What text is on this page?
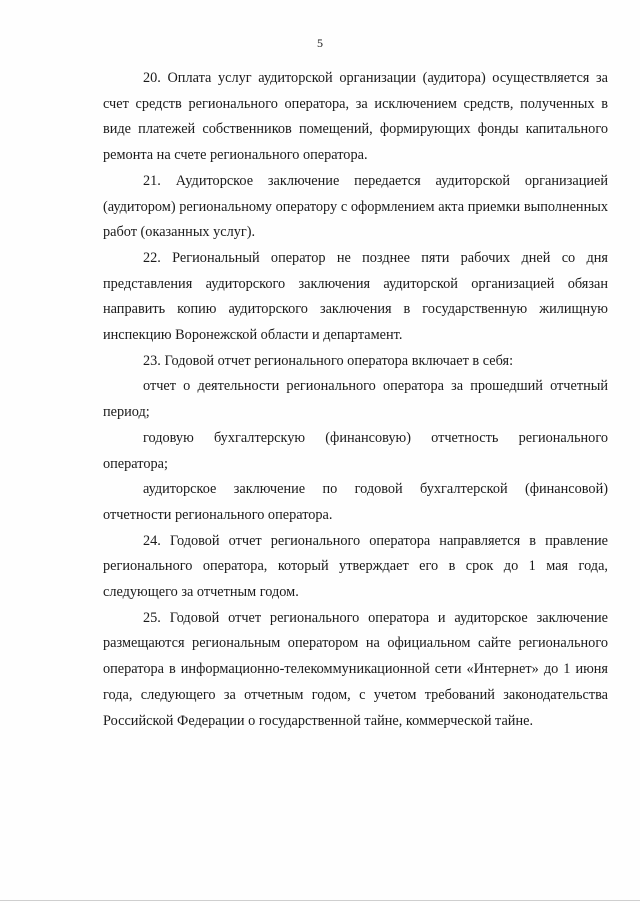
5

20. Оплата услуг аудиторской организации (аудитора) осуществляется за счет средств регионального оператора, за исключением средств, полученных в виде платежей собственников помещений, формирующих фонды капитального ремонта на счете регионального оператора.

21. Аудиторское заключение передается аудиторской организацией (аудитором) региональному оператору с оформлением акта приемки выполненных работ (оказанных услуг).

22. Региональный оператор не позднее пяти рабочих дней со дня представления аудиторского заключения аудиторской организацией обязан направить копию аудиторского заключения в государственную жилищную инспекцию Воронежской области и департамент.

23. Годовой отчет регионального оператора включает в себя:

отчет о деятельности регионального оператора за прошедший отчетный период;

годовую бухгалтерскую (финансовую) отчетность регионального оператора;

аудиторское заключение по годовой бухгалтерской (финансовой) отчетности регионального оператора.

24. Годовой отчет регионального оператора направляется в правление регионального оператора, который утверждает его в срок до 1 мая года, следующего за отчетным годом.

25. Годовой отчет регионального оператора и аудиторское заключение размещаются региональным оператором на официальном сайте регионального оператора в информационно-телекоммуникационной сети «Интернет» до 1 июня года, следующего за отчетным годом, с учетом требований законодательства Российской Федерации о государственной тайне, коммерческой тайне.
